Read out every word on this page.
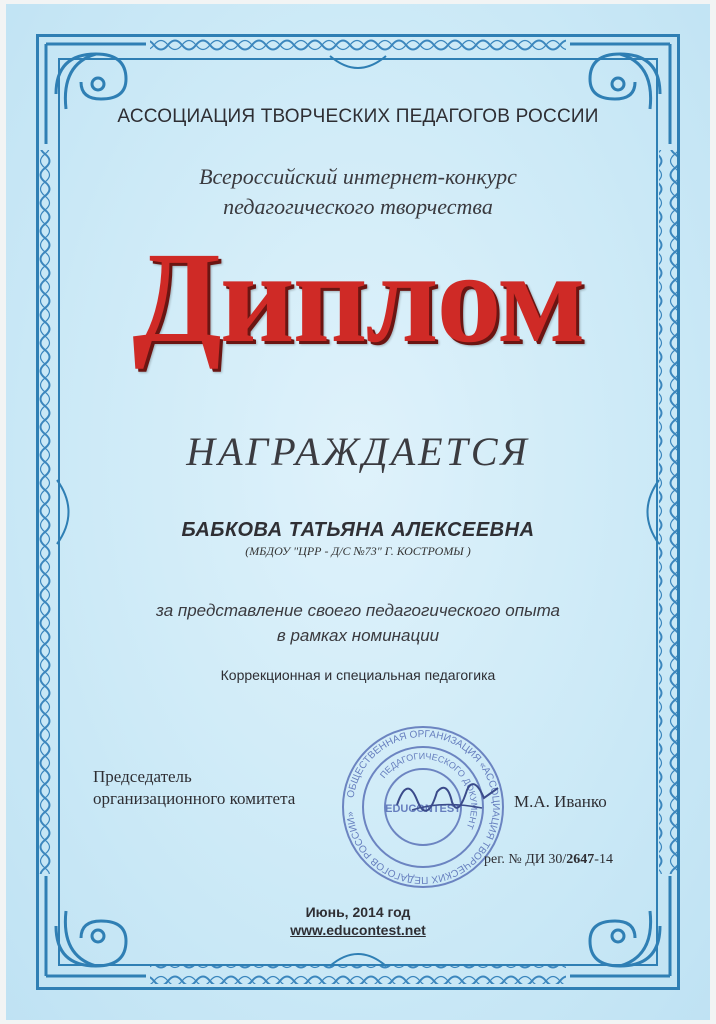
АССОЦИАЦИЯ ТВОРЧЕСКИХ ПЕДАГОГОВ РОССИИ
Всероссийский интернет-конкурс
педагогического творчества
Диплом
НАГРАЖДАЕТСЯ
БАБКОВА ТАТЬЯНА АЛЕКСЕЕВНА
(МБДОУ "ЦРР - Д/С №73" Г. КОСТРОМЫ )
за представление своего педагогического опыта
в рамках номинации
Коррекционная и специальная педагогика
Председатель
организационного комитета	ОБЩЕСТВЕННАЯ ОРГАНИЗАЦИЯ «АССОЦИАЦИЯ ТВОРЧЕСКИХ ПЕДАГОГОВ РОССИИ»
ПЕДАГОГИЧЕСКОГО ДОКУМЕНТ
EDUCONTEST	М.А. Иванко
рег. № ДИ 30/2647-14
Июнь, 2014 год
www.educontest.net
